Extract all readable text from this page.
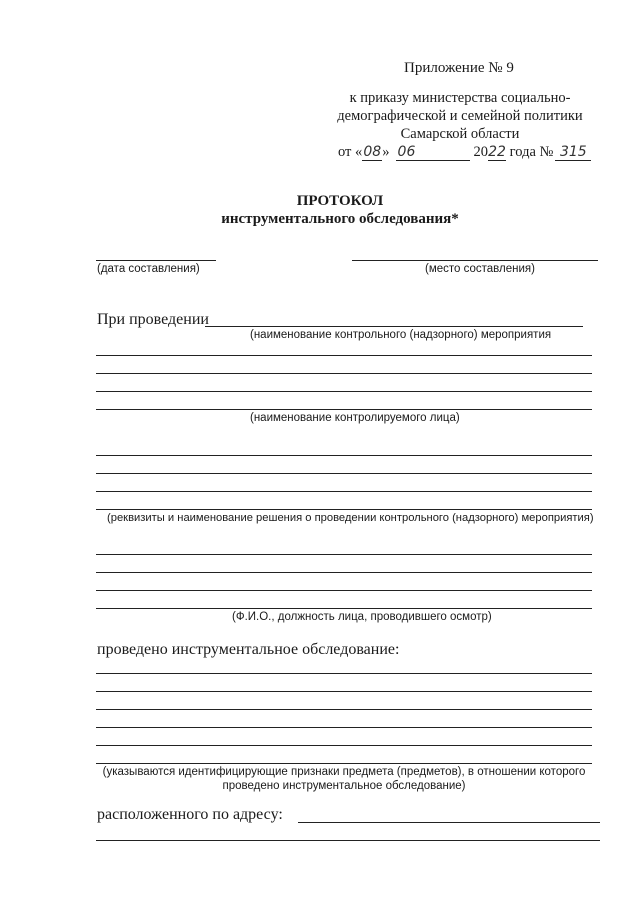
Приложение № 9
к приказу министерства социально-
демографической и семейной политики
Самарской области
от «08» 06	2022 года № 315
ПРОТОКОЛ
инструментального обследования*
(дата составления)	(место составления)
При проведении
(наименование контрольного (надзорного) мероприятия
(наименование контролируемого лица)
(реквизиты и наименование решения о проведении контрольного (надзорного) мероприятия)
(Ф.И.О., должность лица, проводившего осмотр)
проведено инструментальное обследование:
(указываются идентифицирующие признаки предмета (предметов), в отношении которого
проведено инструментальное обследование)
расположенного по адресу:
